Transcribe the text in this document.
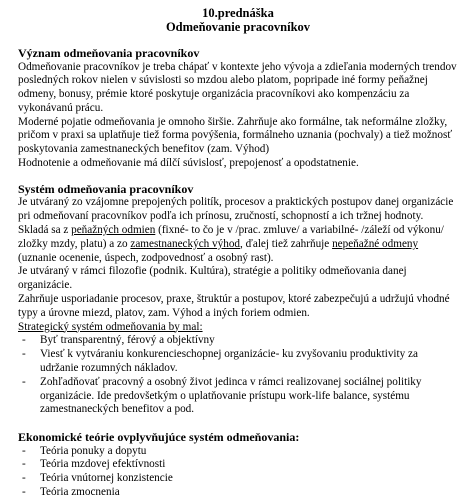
10.prednáška
Odmeňovanie pracovníkov
Význam odmeňovania pracovníkov

Odmeňovanie pracovníkov je treba chápať v kontexte jeho vývoja a zdieľania moderných trendov posledných rokov nielen v súvislosti so mzdou alebo platom, popripade iné formy peňažnej odmeny, bonusy, prémie ktoré poskytuje organizácia pracovníkovi ako kompenzáciu za vykonávanú prácu.

Moderné pojatie odmeňovania je omnoho širšie. Zahrňuje ako formálne, tak neformálne zložky, pričom v praxi sa uplatňuje tiež forma povýšenia, formálneho uznania (pochvaly) a tiež možnosť poskytovania zamestnaneckých benefitov (zam. Výhod)

Hodnotenie a odmeňovanie má dílčí súvislosť, prepojenosť a opodstatnenie.

Systém odmeňovania pracovníkov

Je utváraný zo vzájomne prepojených politík, procesov a praktických postupov danej organizácie pri odmeňovaní pracovníkov podľa ich prínosu, zručností, schopností a ich tržnej hodnoty.

Skladá sa z peňažných odmien (fixné- to čo je v /prac. zmluve/ a variabilné- /záleží od výkonu/ zložky mzdy, platu) a zo zamestnaneckých výhod, ďalej tiež zahrňuje nepeňažné odmeny (uznanie ocenenie, úspech, zodpovednosť a osobný rast).

Je utváraný v rámci filozofie (podnik. Kultúra), stratégie a politiky odmeňovania danej organizácie.

Zahrňuje usporiadanie procesov, praxe, štruktúr a postupov, ktoré zabezpečujú a udržujú vhodné typy a úrovne miezd, platov, zam. Výhod a iných foriem odmien.

Strategický systém odmeňovania by mal:

-	Byť transparentný, férový a objektívny
-	Viesť k vytváraniu konkurencieschopnej organizácie- ku zvyšovaniu produktivity za udržanie rozumných nákladov.
-	Zohľadňovať pracovný a osobný život jedinca v rámci realizovanej sociálnej politiky organizácie. Ide predovšetkým o uplatňovanie prístupu work-life balance, systému zamestnaneckých benefitov a pod.
Ekonomické teórie ovplyvňujúce systém odmeňovania:
-	Teória ponuky a dopytu
-	Teória mzdovej efektívnosti
-	Teória vnútornej konzistencie
-	Teória zmocnenia
